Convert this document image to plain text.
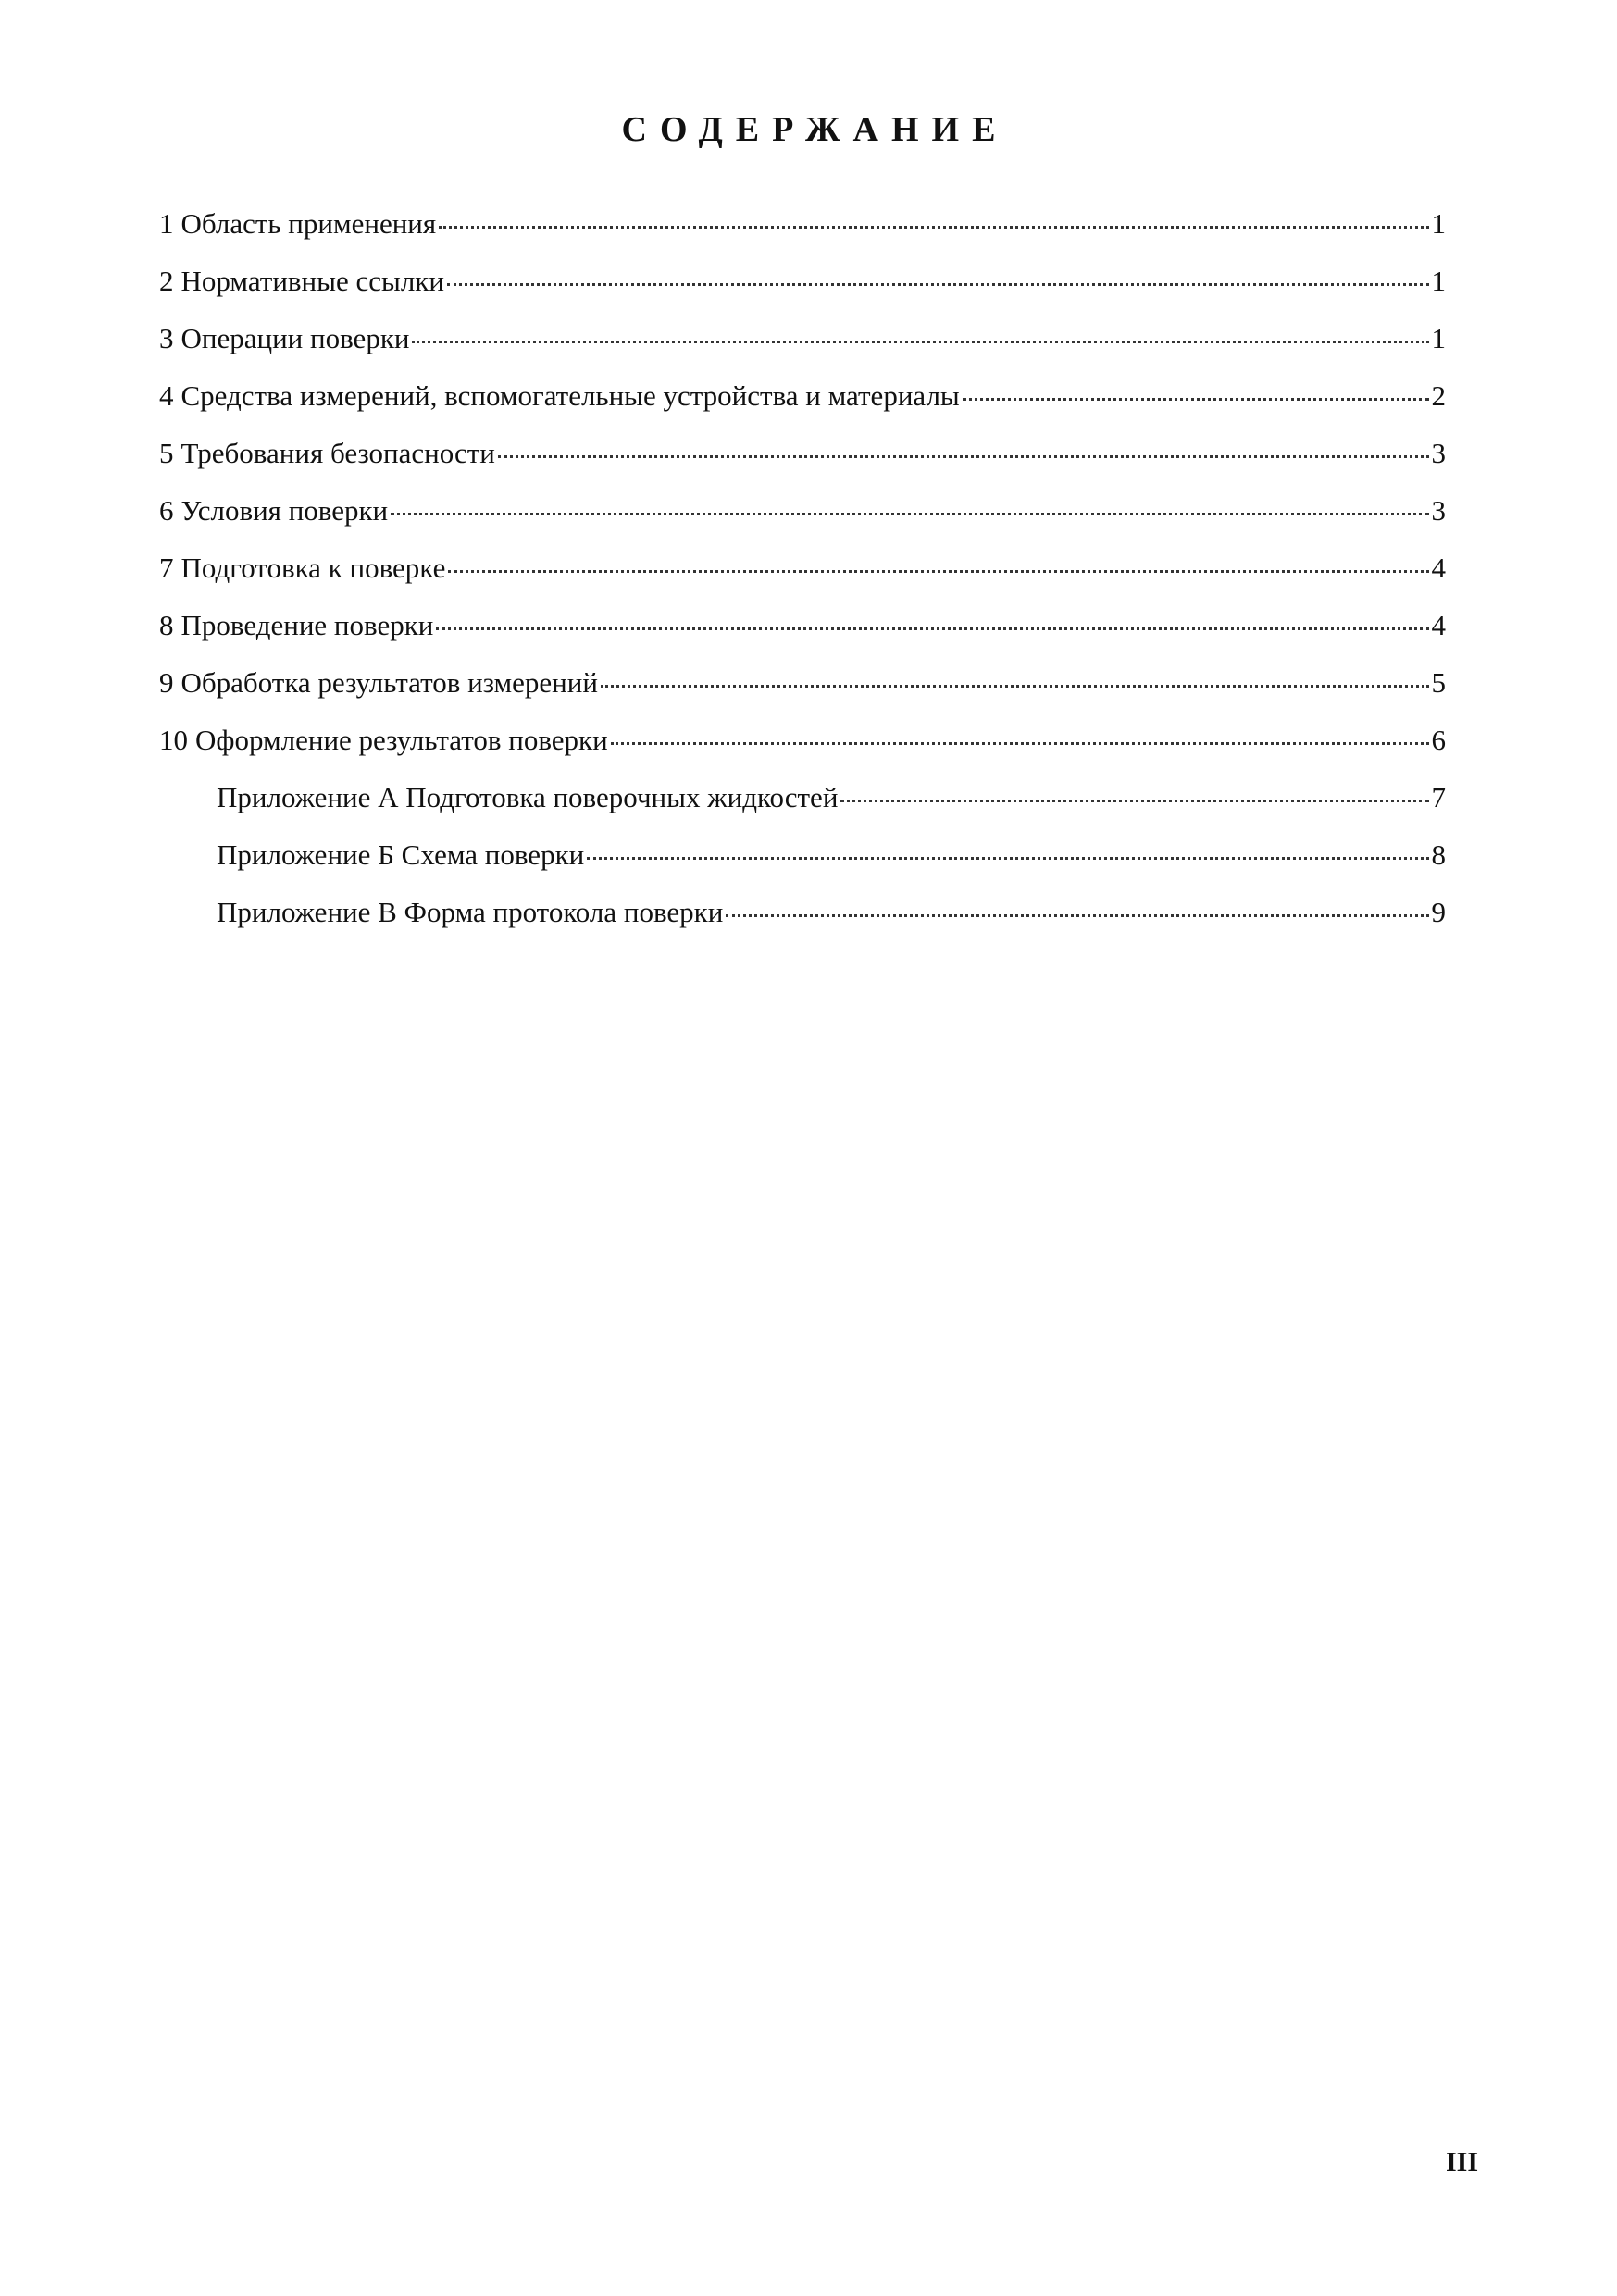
СОДЕРЖАНИЕ
1 Область применения	1
2 Нормативные ссылки	1
3 Операции поверки	1
4 Средства измерений, вспомогательные устройства и материалы	2
5 Требования безопасности	3
6 Условия поверки	3
7 Подготовка к поверке	4
8 Проведение поверки	4
9 Обработка результатов измерений	5
10 Оформление результатов поверки	6
Приложение А Подготовка поверочных жидкостей	7
Приложение Б Схема поверки	8
Приложение В Форма протокола поверки	9
III
